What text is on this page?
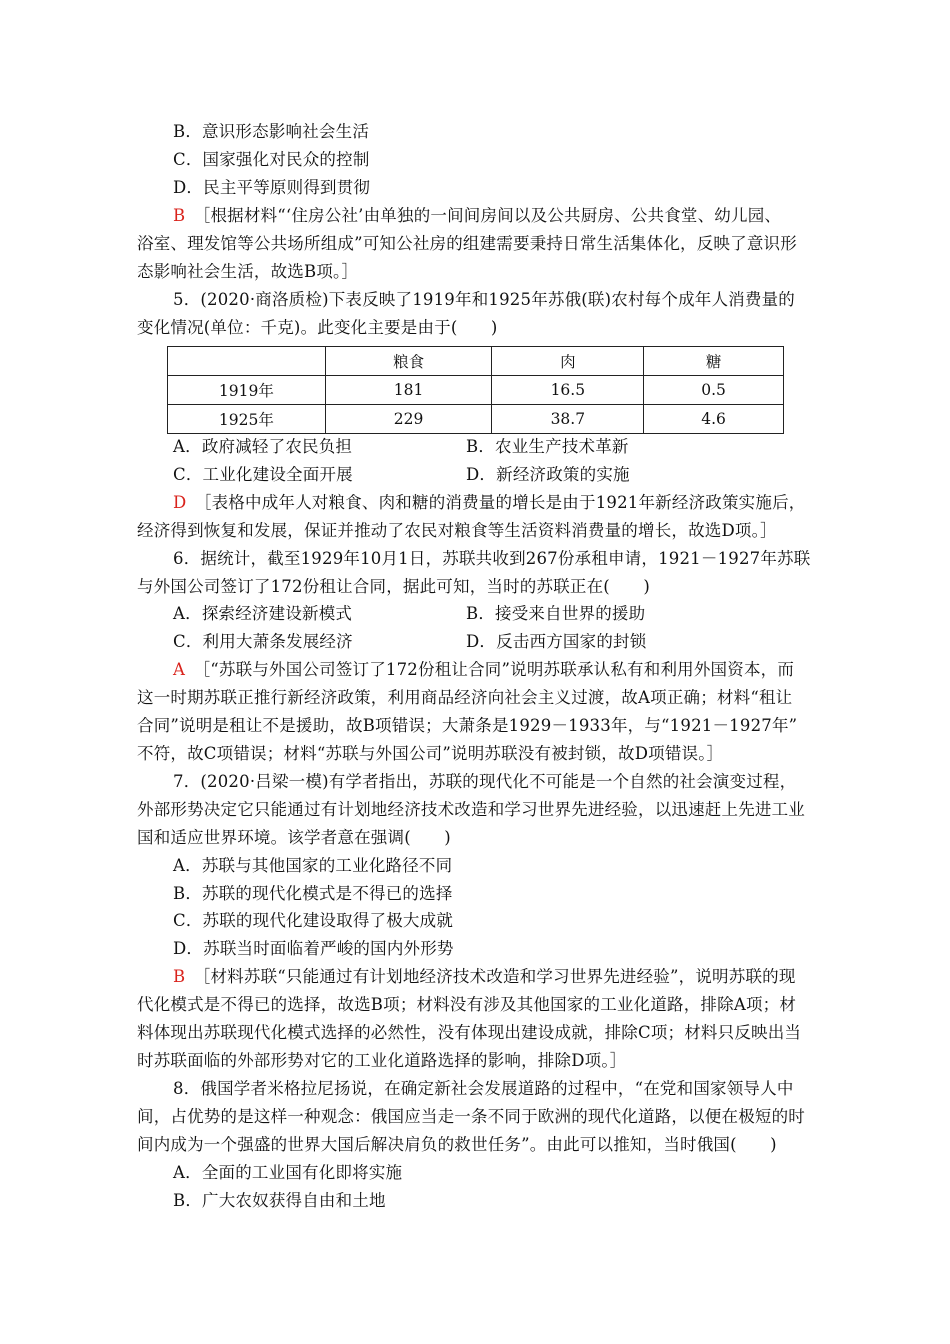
B．意识形态影响社会生活
C．国家强化对民众的控制
D．民主平等原则得到贯彻
B　 ［根据材料“‘住房公社’由单独的一间间房间以及公共厨房、公共食堂、幼儿园、
浴室、理发馆等公共场所组成”可知公社房的组建需要秉持日常生活集体化，反映了意识形
态影响社会生活，故选B项。］
5．(2020·商洛质检)下表反映了1919年和1925年苏俄(联)农村每个成年人消费量的
变化情况(单位：千克)。此变化主要是由于(　　)
	粮食	肉	糖
1919年	181	16.5	0.5
1925年	229	38.7	4.6
A．政府减轻了农民负担	B．农业生产技术革新
C．工业化建设全面开展	D．新经济政策的实施
D　 ［表格中成年人对粮食、肉和糖的消费量的增长是由于1921年新经济政策实施后，
经济得到恢复和发展，保证并推动了农民对粮食等生活资料消费量的增长，故选D项。］
6．据统计，截至1929年10月1日，苏联共收到267份承租申请，1921－1927年苏联
与外国公司签订了172份租让合同，据此可知，当时的苏联正在(　　)
A．探索经济建设新模式	B．接受来自世界的援助
C．利用大萧条发展经济	D．反击西方国家的封锁
A　 ［“苏联与外国公司签订了172份租让合同”说明苏联承认私有和利用外国资本，而
这一时期苏联正推行新经济政策，利用商品经济向社会主义过渡，故A项正确；材料“租让
合同”说明是租让不是援助，故B项错误；大萧条是1929－1933年，与“1921－1927年”
不符，故C项错误；材料“苏联与外国公司”说明苏联没有被封锁，故D项错误。］
7．(2020·吕梁一模)有学者指出，苏联的现代化不可能是一个自然的社会演变过程，
外部形势决定它只能通过有计划地经济技术改造和学习世界先进经验，以迅速赶上先进工业
国和适应世界环境。该学者意在强调(　　)
A．苏联与其他国家的工业化路径不同
B．苏联的现代化模式是不得已的选择
C．苏联的现代化建设取得了极大成就
D．苏联当时面临着严峻的国内外形势
B　 ［材料苏联“只能通过有计划地经济技术改造和学习世界先进经验”，说明苏联的现
代化模式是不得已的选择，故选B项；材料没有涉及其他国家的工业化道路，排除A项；材
料体现出苏联现代化模式选择的必然性，没有体现出建设成就，排除C项；材料只反映出当
时苏联面临的外部形势对它的工业化道路选择的影响，排除D项。］
8．俄国学者米格拉尼扬说，在确定新社会发展道路的过程中，“在党和国家领导人中
间，占优势的是这样一种观念：俄国应当走一条不同于欧洲的现代化道路，以便在极短的时
间内成为一个强盛的世界大国后解决肩负的救世任务”。由此可以推知，当时俄国(　　)
A．全面的工业国有化即将实施
B．广大农奴获得自由和土地
